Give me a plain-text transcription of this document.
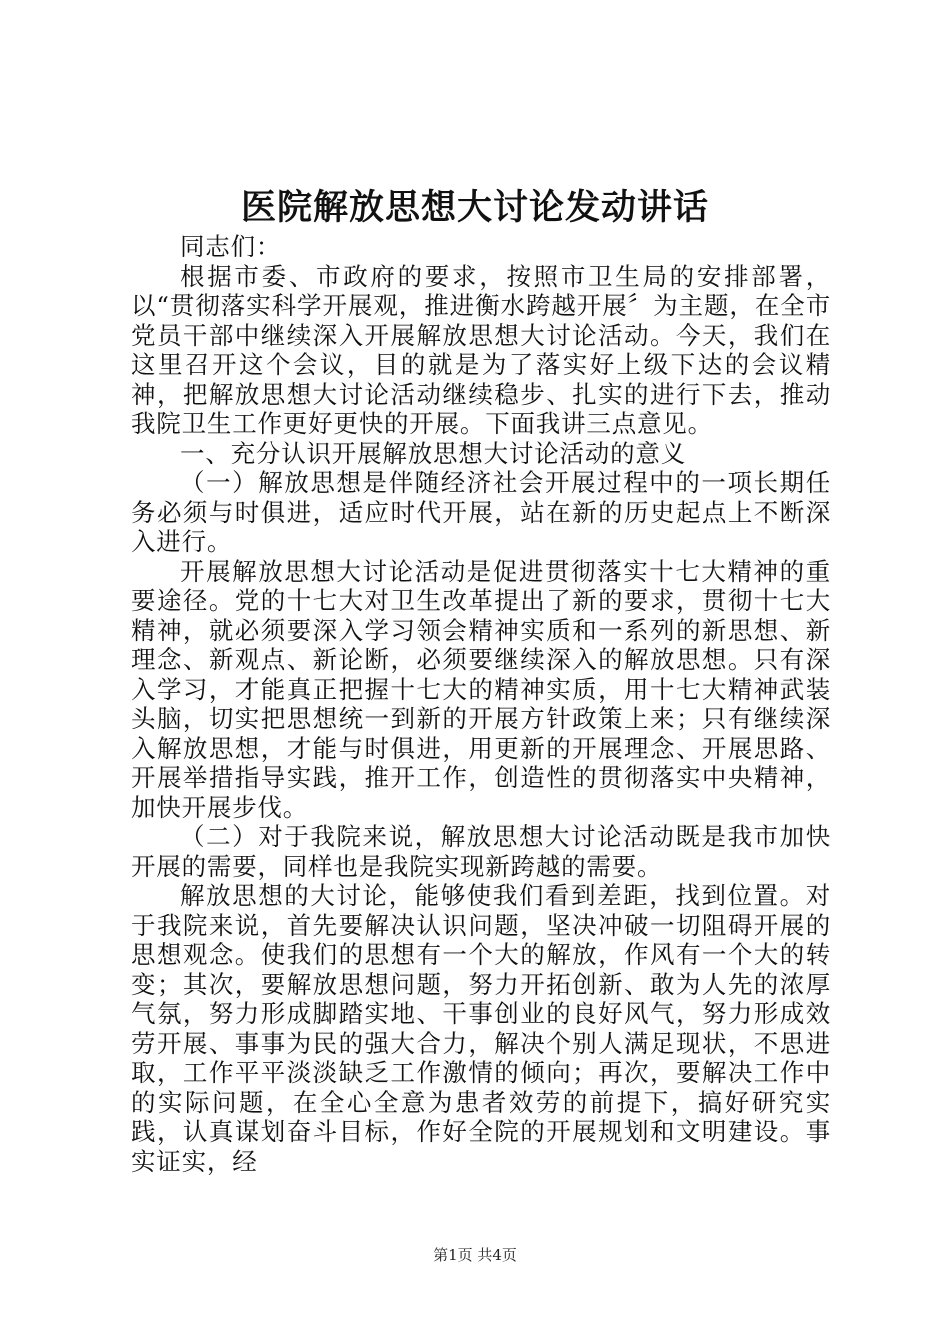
医院解放思想大讨论发动讲话

同志们：

根据市委、市政府的要求，按照市卫生局的安排部署，以“贯彻落实科学开展观，推进衡水跨越开展〞为主题，在全市党员干部中继续深入开展解放思想大讨论活动。今天，我们在这里召开这个会议，目的就是为了落实好上级下达的会议精神，把解放思想大讨论活动继续稳步、扎实的进行下去，推动我院卫生工作更好更快的开展。下面我讲三点意见。

一、充分认识开展解放思想大讨论活动的意义

（一）解放思想是伴随经济社会开展过程中的一项长期任务必须与时俱进，适应时代开展，站在新的历史起点上不断深入进行。

开展解放思想大讨论活动是促进贯彻落实十七大精神的重要途径。党的十七大对卫生改革提出了新的要求，贯彻十七大精神，就必须要深入学习领会精神实质和一系列的新思想、新理念、新观点、新论断，必须要继续深入的解放思想。只有深入学习，才能真正把握十七大的精神实质，用十七大精神武装头脑，切实把思想统一到新的开展方针政策上来；只有继续深入解放思想，才能与时俱进，用更新的开展理念、开展思路、开展举措指导实践，推开工作，创造性的贯彻落实中央精神，加快开展步伐。

（二）对于我院来说，解放思想大讨论活动既是我市加快开展的需要，同样也是我院实现新跨越的需要。

解放思想的大讨论，能够使我们看到差距，找到位置。对于我院来说，首先要解决认识问题，坚决冲破一切阻碍开展的思想观念。使我们的思想有一个大的解放，作风有一个大的转变；其次，要解放思想问题，努力开拓创新、敢为人先的浓厚气氛，努力形成脚踏实地、干事创业的良好风气，努力形成效劳开展、事事为民的强大合力，解决个别人满足现状，不思进取，工作平平淡淡缺乏工作激情的倾向；再次，要解决工作中的实际问题，在全心全意为患者效劳的前提下，搞好研究实践，认真谋划奋斗目标，作好全院的开展规划和文明建设。事实证实，经

第1页 共4页
